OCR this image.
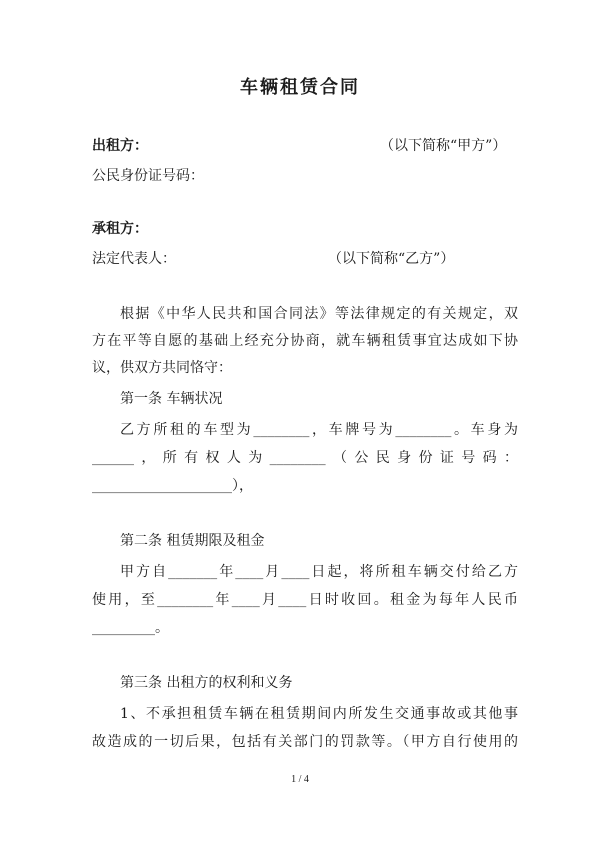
车辆租赁合同
出租方：	（以下简称“甲方”）
公民身份证号码：
承租方：
法定代表人：	（以下简称“乙方”）
根据《中华人民共和国合同法》等法律规定的有关规定，双
方在平等自愿的基础上经充分协商，就车辆租赁事宜达成如下协
议，供双方共同恪守：
第一条 车辆状况
乙方所租的车型为________，车牌号为________。车身为
______，所有权人为________（公民身份证号码：
____________________），
第二条 租赁期限及租金
甲方自_______年____月____日起，将所租车辆交付给乙方
使用，至________年____月____日时收回。租金为每年人民币
_________。
第三条 出租方的权利和义务
1、不承担租赁车辆在租赁期间内所发生交通事故或其他事
故造成的一切后果，包括有关部门的罚款等。（甲方自行使用的
1 / 4
